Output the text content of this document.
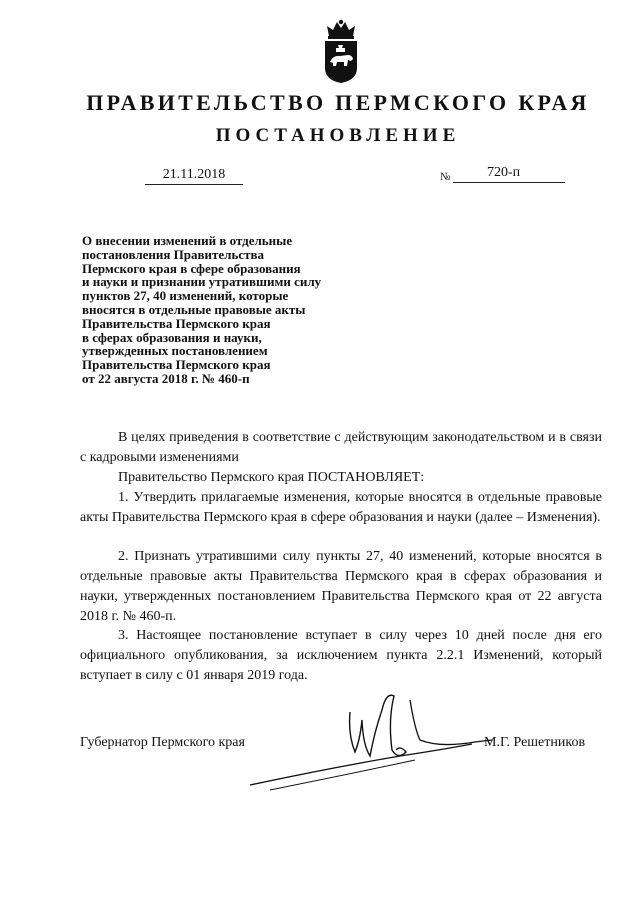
ПРАВИТЕЛЬСТВО ПЕРМСКОГО КРАЯ
ПОСТАНОВЛЕНИЕ
21.11.2018	№	720-п
О внесении изменений в отдельные
постановления Правительства
Пермского края в сфере образования
и науки и признании утратившими силу
пунктов 27, 40 изменений, которые
вносятся в отдельные правовые акты
Правительства Пермского края
в сферах образования и науки,
утвержденных постановлением
Правительства Пермского края
от 22 августа 2018 г. № 460-п
В целях приведения в соответствие с действующим законодательством и в связи с кадровыми изменениями
Правительство Пермского края ПОСТАНОВЛЯЕТ:
1. Утвердить прилагаемые изменения, которые вносятся в отдельные правовые акты Правительства Пермского края в сфере образования и науки (далее – Изменения).
2. Признать утратившими силу пункты 27, 40 изменений, которые вносятся в отдельные правовые акты Правительства Пермского края в сферах образования и науки, утвержденных постановлением Правительства Пермского края от 22 августа 2018 г. № 460-п.
3. Настоящее постановление вступает в силу через 10 дней после дня его официального опубликования, за исключением пункта 2.2.1 Изменений, который вступает в силу с 01 января 2019 года.
Губернатор Пермского края	М.Г. Решетников
